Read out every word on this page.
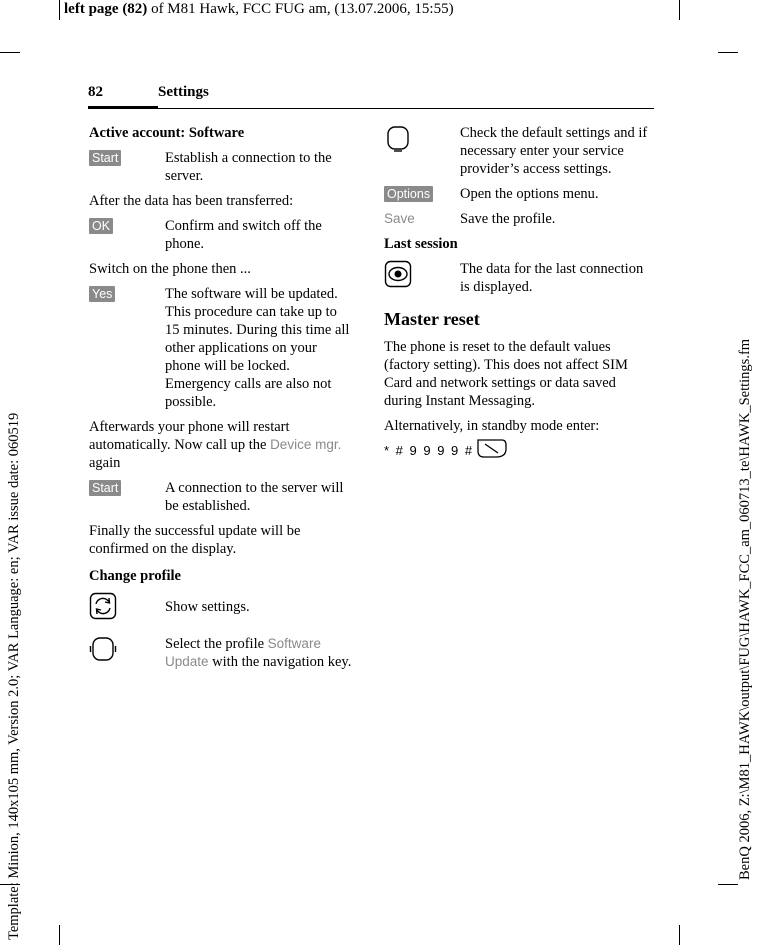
left page (82) of M81 Hawk, FCC FUG am, (13.07.2006, 15:55)
Template: Minion, 140x105 mm, Version 2.0; VAR Language: en; VAR issue date: 060519	BenQ 2006, Z:\M81_HAWK\output\FUG\HAWK_FCC_am_060713_te\HAWK_Settings.fm
82	Settings
Active account: Software
Start	Establish a connection to the server.
After the data has been transferred:
OK	Confirm and switch off the phone.
Switch on the phone then ...
Yes	The software will be updated. This procedure can take up to 15 minutes. During this time all other applications on your phone will be locked. Emergency calls are also not possible.
Afterwards your phone will restart automatically. Now call up the Device mgr. again
Start	A connection to the server will be established.
Finally the successful update will be confirmed on the display.
Change profile
Show settings.
Select the profile Software Update with the navigation key.
Check the default settings and if necessary enter your service provider’s access settings.
Options	Open the options menu.
Save	Save the profile.
Last session
The data for the last connection is displayed.
Master reset
The phone is reset to the default values (factory setting). This does not affect SIM Card and network settings or data saved during Instant Messaging.
Alternatively, in standby mode enter:
* # 9 9 9 9 #
